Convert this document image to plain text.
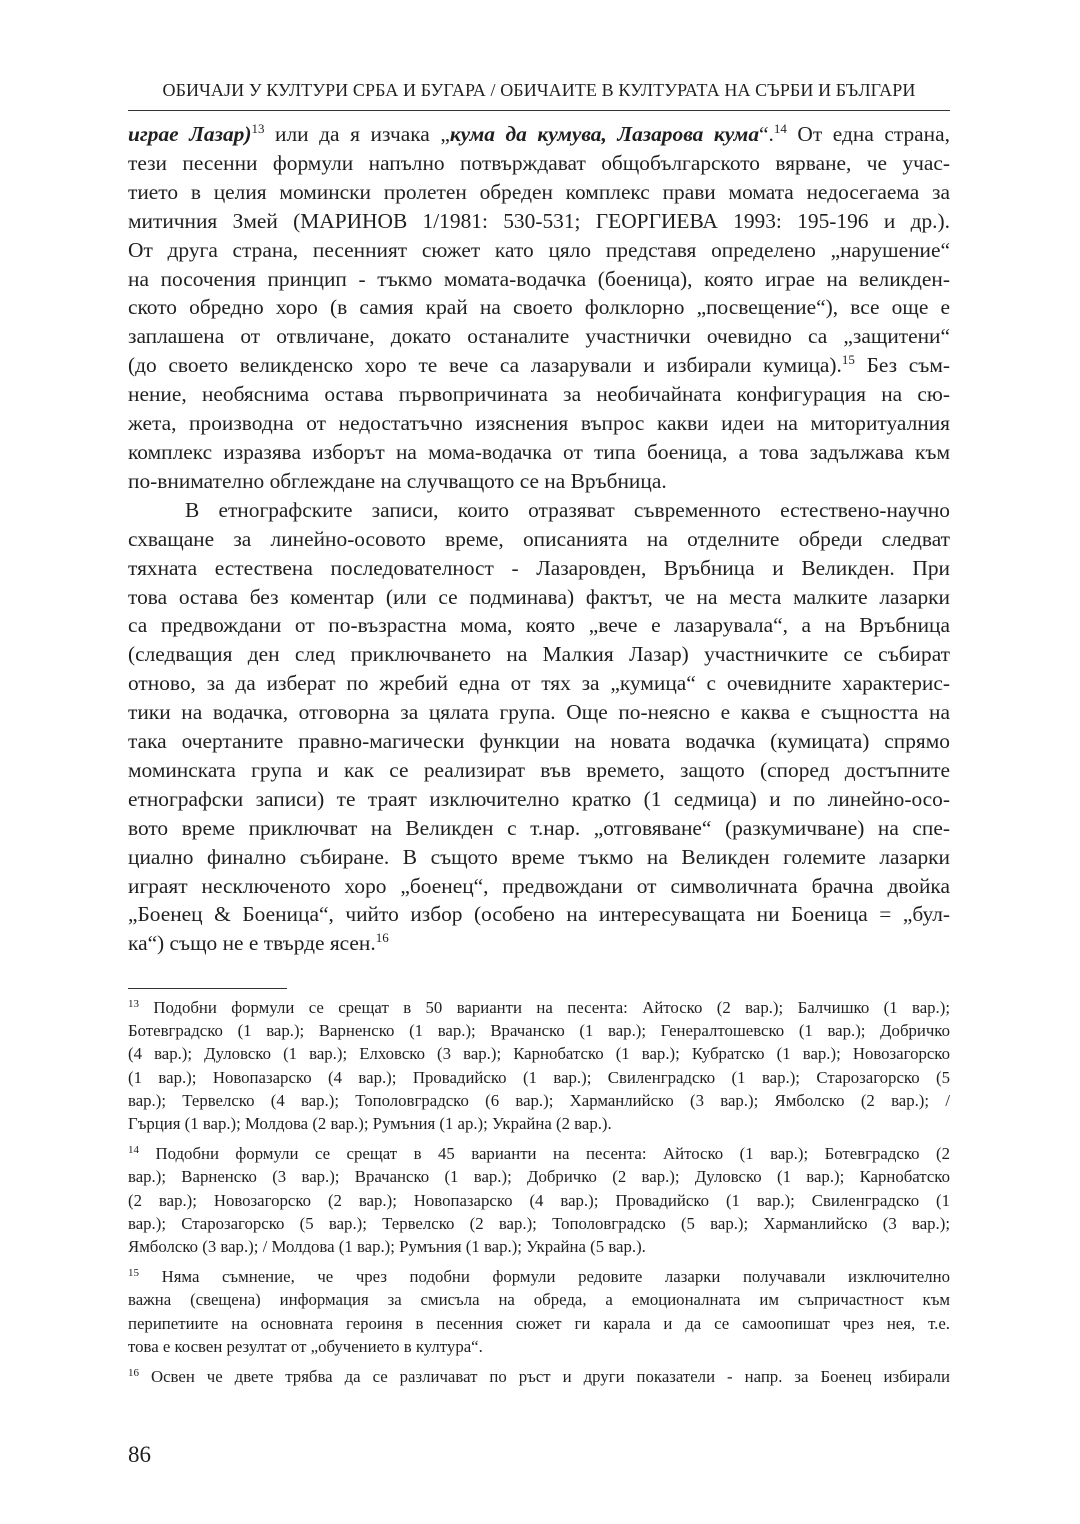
ОБИЧАЈИ У КУЛТУРИ СРБА И БУГАРА / ОБИЧАИТЕ В КУЛТУРАТА НА СЪРБИ И БЪЛГАРИ

играе Лазар)$^{13}$ или да я изчака „кума да кумува, Лазарова кума“.$^{14}$ От една страна,
тези песенни формули напълно потвърждават общобългарското вярване, че учас-
тието в целия момински пролетен обреден комплекс прави момата недосегаема за
митичния Змей (МАРИНОВ 1/1981: 530-531; ГЕОРГИЕВА 1993: 195-196 и др.).
От друга страна, песенният сюжет като цяло представя определено „нарушение“
на посочения принцип - тъкмо момата-водачка (боеница), която играе на великден-
ското обредно хоро (в самия край на своето фолклорно „посвещение“), все още е
заплашена от отвличане, докато останалите участнички очевидно са „защитени“
(до своето великденско хоро те вече са лазарували и избирали кумица).$^{15}$ Без съм-
нение, необяснима остава първопричината за необичайната конфигурация на сю-
жета, производна от недостатъчно изяснения въпрос какви идеи на миторитуалния
комплекс изразява изборът на мома-водачка от типа боеница, а това задължава към
по-внимателно обглеждане на случващото се на Връбница.

В етнографските записи, които отразяват съвременното естествено-научно
схващане за линейно-осовото време, описанията на отделните обреди следват
тяхната естествена последователност - Лазаровден, Връбница и Великден. При
това остава без коментар (или се подминава) фактът, че на места малките лазарки
са предвождани от по-възрастна мома, която „вече е лазарувала“, а на Връбница
(следващия ден след приключването на Малкия Лазар) участничките се събират
отново, за да изберат по жребий една от тях за „кумица“ с очевидните характерис-
тики на водачка, отговорна за цялата група. Още по-неясно е каква е същността на
така очертаните правно-магически функции на новата водачка (кумицата) спрямо
моминската група и как се реализират във времето, защото (според достъпните
етнографски записи) те траят изключително кратко (1 седмица) и по линейно-осо-
вото време приключват на Великден с т.нар. „отговяване“ (разкумичване) на спе-
циално финално събиране. В същото време тъкмо на Великден големите лазарки
играят несключеното хоро „боенец“, предвождани от символичната брачна двойка
„Боенец & Боеница“, чийто избор (особено на интересуващата ни Боеница = „бул-
ка“) също не е твърде ясен.$^{16}$

$^{13}$ Подобни формули се срещат в 50 варианти на песента: Айтоско (2 вар.); Балчишко (1 вар.);
Ботевградско (1 вар.); Варненско (1 вар.); Врачанско (1 вар.); Генералтошевско (1 вар.); Добричко
(4 вар.); Дуловско (1 вар.); Елховско (3 вар.); Карнобатско (1 вар.); Кубратско (1 вар.); Новозагорско
(1 вар.); Новопазарско (4 вар.); Провадийско (1 вар.); Свиленградско (1 вар.); Старозагорско (5
вар.); Тервелско (4 вар.); Тополовградско (6 вар.); Харманлийско (3 вар.); Ямболско (2 вар.); /
Гърция (1 вар.); Молдова (2 вар.); Румъния (1 ар.); Украйна (2 вар.).
$^{14}$ Подобни формули се срещат в 45 варианти на песента: Айтоско (1 вар.); Ботевградско (2
вар.); Варненско (3 вар.); Врачанско (1 вар.); Добричко (2 вар.); Дуловско (1 вар.); Карнобатско
(2 вар.); Новозагорско (2 вар.); Новопазарско (4 вар.); Провадийско (1 вар.); Свиленградско (1
вар.); Старозагорско (5 вар.); Тервелско (2 вар.); Тополовградско (5 вар.); Харманлийско (3 вар.);
Ямболско (3 вар.); / Молдова (1 вар.); Румъния (1 вар.); Украйна (5 вар.).
$^{15}$ Няма съмнение, че чрез подобни формули редовите лазарки получавали изключително
важна (свещена) информация за смисъла на обреда, а емоционалната им съпричастност към
перипетиите на основната героиня в песенния сюжет ги карала и да се самоопишат чрез нея, т.е.
това е косвен резултат от „обучението в култура“.
$^{16}$ Освен че двете трябва да се различават по ръст и други показатели - напр. за Боенец избирали
86
